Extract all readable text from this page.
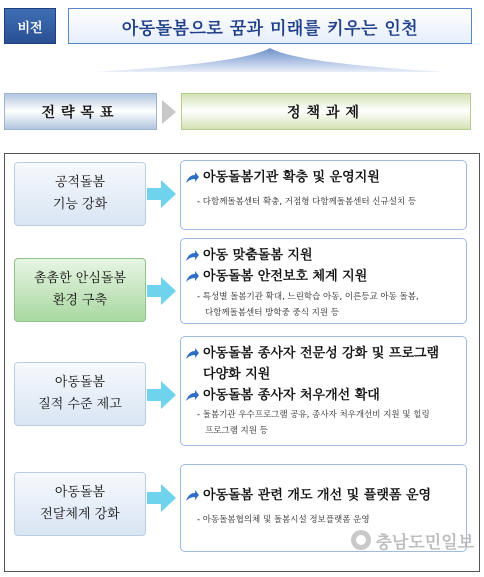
비전	아동돌봄으로 꿈과 미래를 키우는 인천
전략목표	정책과제
공적돌봄
기능 강화
아동돌봄기관 확충 및 운영지원
- 다함께돌봄센터 확충, 거점형 다함께돌봄센터 신규설치 등
촘촘한 안심돌봄
환경 구축
아동 맞춤돌봄 지원
아동돌봄 안전보호 체계 지원
- 특성별 돌봄기관 확대, 느린학습 아동, 이른등교 아동 돌봄,
다함께돌봄센터 방학중 중식 지원 등
아동돌봄
질적 수준 제고
아동돌봄 종사자 전문성 강화 및 프로그램
다양화 지원
아동돌봄 종사자 처우개선 확대
- 돌봄기관 우수프로그램 공유, 종사자 처우개선비 지원 및 힐링
프로그램 지원 등
아동돌봄
전달체계 강화
아동돌봄 관련 개도 개선 및 플랫폼 운영
- 아동돌봄협의체 및 돌봄시설 정보플랫폼 운영
충남도민일보
